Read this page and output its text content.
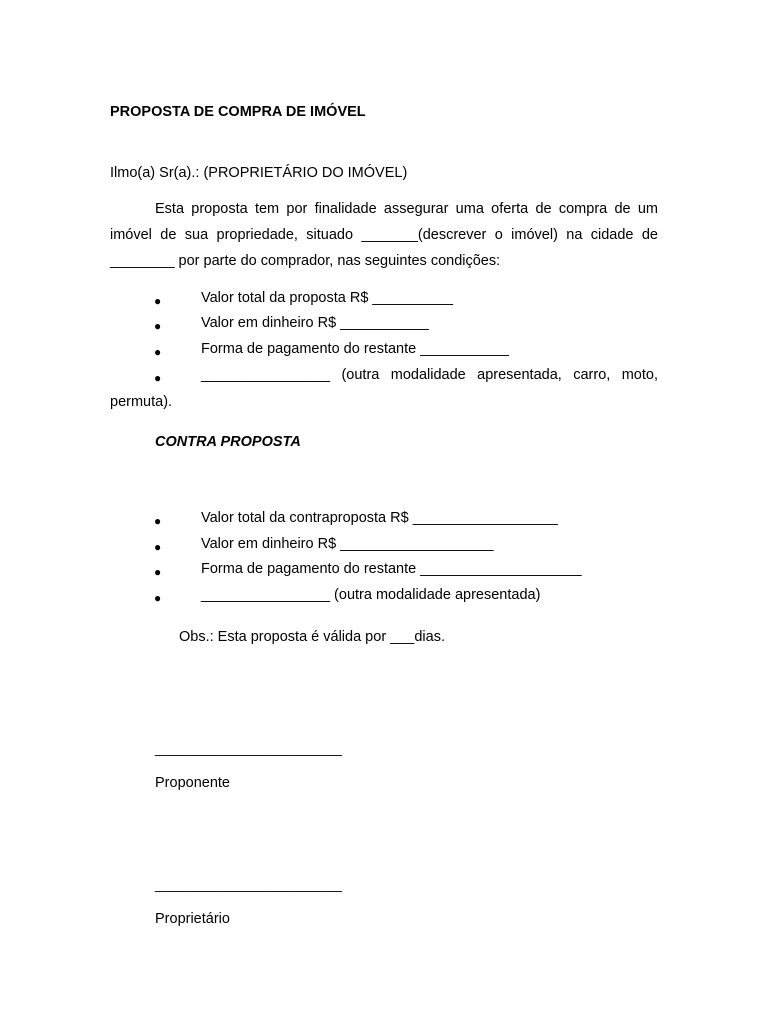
PROPOSTA DE COMPRA DE IMÓVEL
Ilmo(a) Sr(a).: (PROPRIETÁRIO DO IMÓVEL)
Esta proposta tem por finalidade assegurar uma oferta de compra de um
imóvel de sua propriedade, situado _______(descrever o imóvel) na cidade de
________ por parte do comprador, nas seguintes condições:
●	Valor total da proposta R$ __________
●	Valor em dinheiro R$ ___________
●	Forma de pagamento do restante ___________
●	________________ (outra modalidade apresentada, carro, moto,
permuta).
CONTRA PROPOSTA
●	Valor total da contraproposta R$ __________________
●	Valor em dinheiro R$ ___________________
●	Forma de pagamento do restante ____________________
●	________________ (outra modalidade apresentada)
Obs.: Esta proposta é válida por ___dias.
________________________
Proponente
________________________
Proprietário
